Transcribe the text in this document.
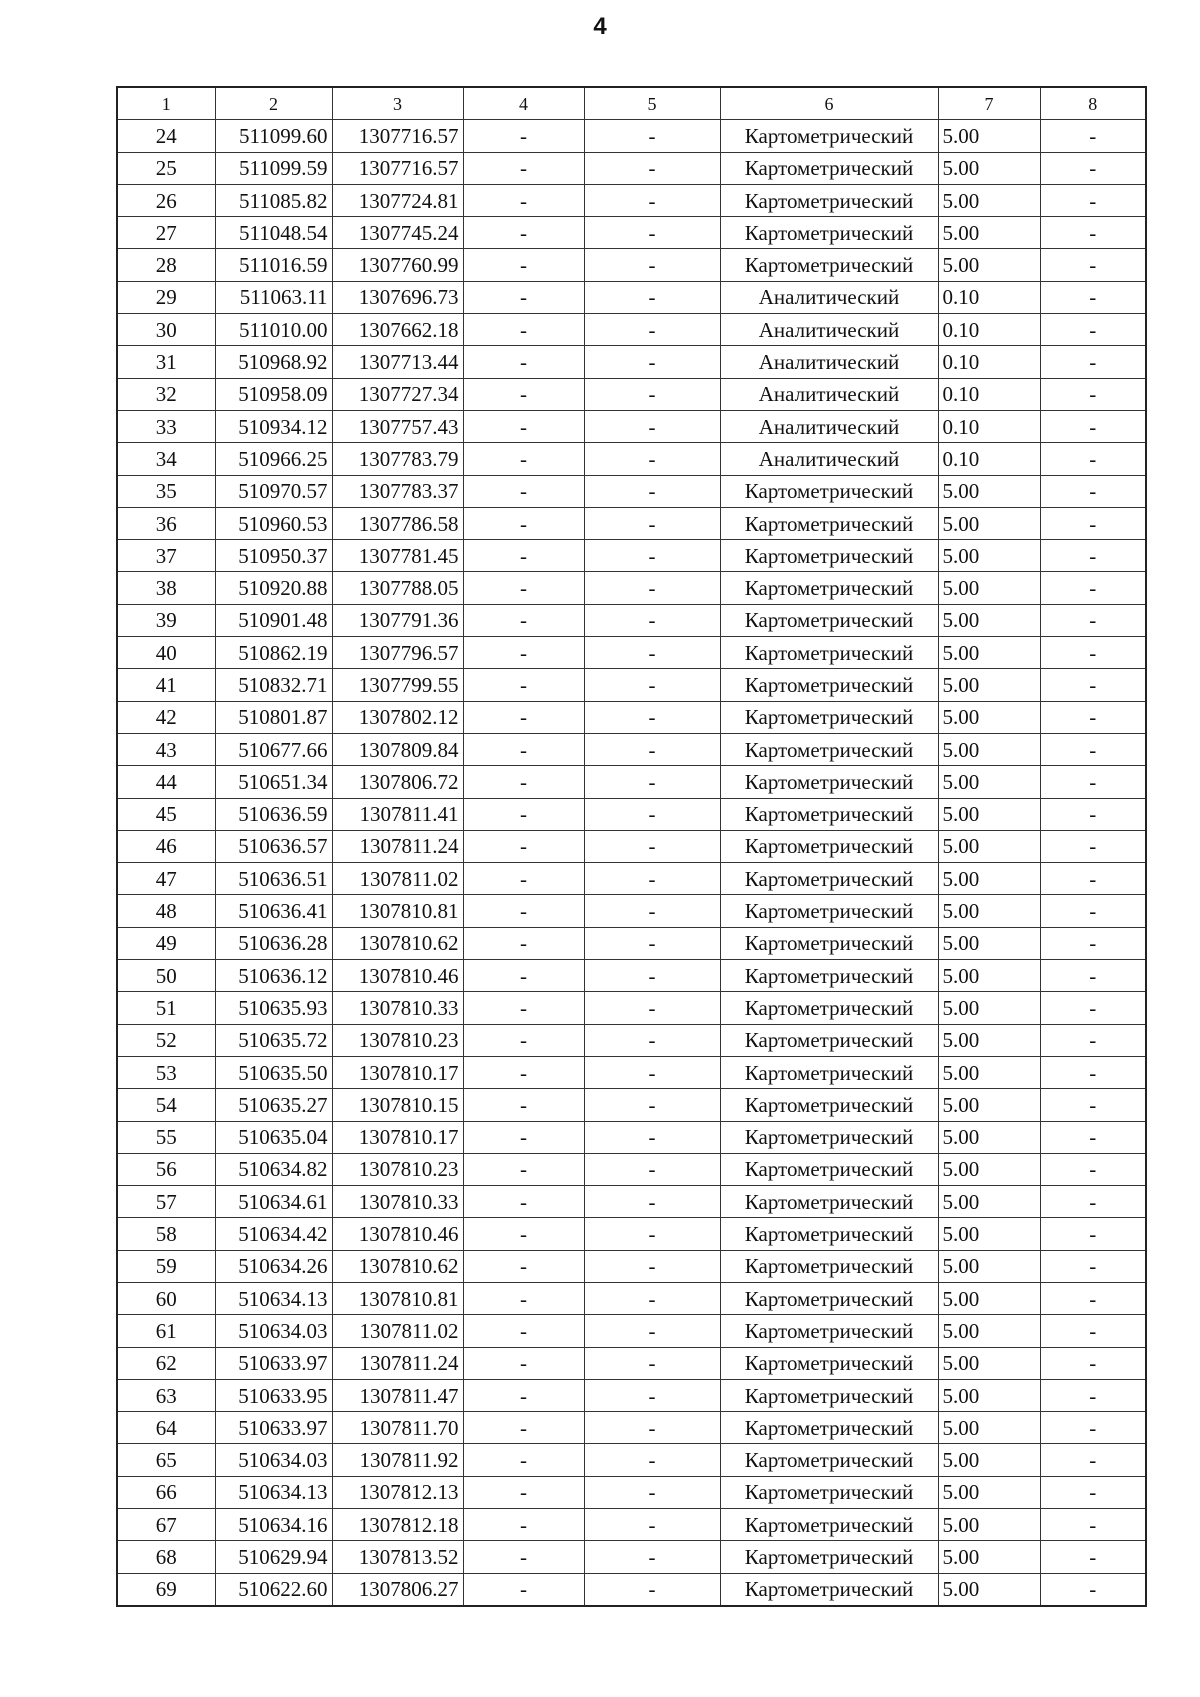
4
1	2	3	4	5	6	7	8
24	511099.60	1307716.57	-	-	Картометрический	5.00	-
25	511099.59	1307716.57	-	-	Картометрический	5.00	-
26	511085.82	1307724.81	-	-	Картометрический	5.00	-
27	511048.54	1307745.24	-	-	Картометрический	5.00	-
28	511016.59	1307760.99	-	-	Картометрический	5.00	-
29	511063.11	1307696.73	-	-	Аналитический	0.10	-
30	511010.00	1307662.18	-	-	Аналитический	0.10	-
31	510968.92	1307713.44	-	-	Аналитический	0.10	-
32	510958.09	1307727.34	-	-	Аналитический	0.10	-
33	510934.12	1307757.43	-	-	Аналитический	0.10	-
34	510966.25	1307783.79	-	-	Аналитический	0.10	-
35	510970.57	1307783.37	-	-	Картометрический	5.00	-
36	510960.53	1307786.58	-	-	Картометрический	5.00	-
37	510950.37	1307781.45	-	-	Картометрический	5.00	-
38	510920.88	1307788.05	-	-	Картометрический	5.00	-
39	510901.48	1307791.36	-	-	Картометрический	5.00	-
40	510862.19	1307796.57	-	-	Картометрический	5.00	-
41	510832.71	1307799.55	-	-	Картометрический	5.00	-
42	510801.87	1307802.12	-	-	Картометрический	5.00	-
43	510677.66	1307809.84	-	-	Картометрический	5.00	-
44	510651.34	1307806.72	-	-	Картометрический	5.00	-
45	510636.59	1307811.41	-	-	Картометрический	5.00	-
46	510636.57	1307811.24	-	-	Картометрический	5.00	-
47	510636.51	1307811.02	-	-	Картометрический	5.00	-
48	510636.41	1307810.81	-	-	Картометрический	5.00	-
49	510636.28	1307810.62	-	-	Картометрический	5.00	-
50	510636.12	1307810.46	-	-	Картометрический	5.00	-
51	510635.93	1307810.33	-	-	Картометрический	5.00	-
52	510635.72	1307810.23	-	-	Картометрический	5.00	-
53	510635.50	1307810.17	-	-	Картометрический	5.00	-
54	510635.27	1307810.15	-	-	Картометрический	5.00	-
55	510635.04	1307810.17	-	-	Картометрический	5.00	-
56	510634.82	1307810.23	-	-	Картометрический	5.00	-
57	510634.61	1307810.33	-	-	Картометрический	5.00	-
58	510634.42	1307810.46	-	-	Картометрический	5.00	-
59	510634.26	1307810.62	-	-	Картометрический	5.00	-
60	510634.13	1307810.81	-	-	Картометрический	5.00	-
61	510634.03	1307811.02	-	-	Картометрический	5.00	-
62	510633.97	1307811.24	-	-	Картометрический	5.00	-
63	510633.95	1307811.47	-	-	Картометрический	5.00	-
64	510633.97	1307811.70	-	-	Картометрический	5.00	-
65	510634.03	1307811.92	-	-	Картометрический	5.00	-
66	510634.13	1307812.13	-	-	Картометрический	5.00	-
67	510634.16	1307812.18	-	-	Картометрический	5.00	-
68	510629.94	1307813.52	-	-	Картометрический	5.00	-
69	510622.60	1307806.27	-	-	Картометрический	5.00	-
